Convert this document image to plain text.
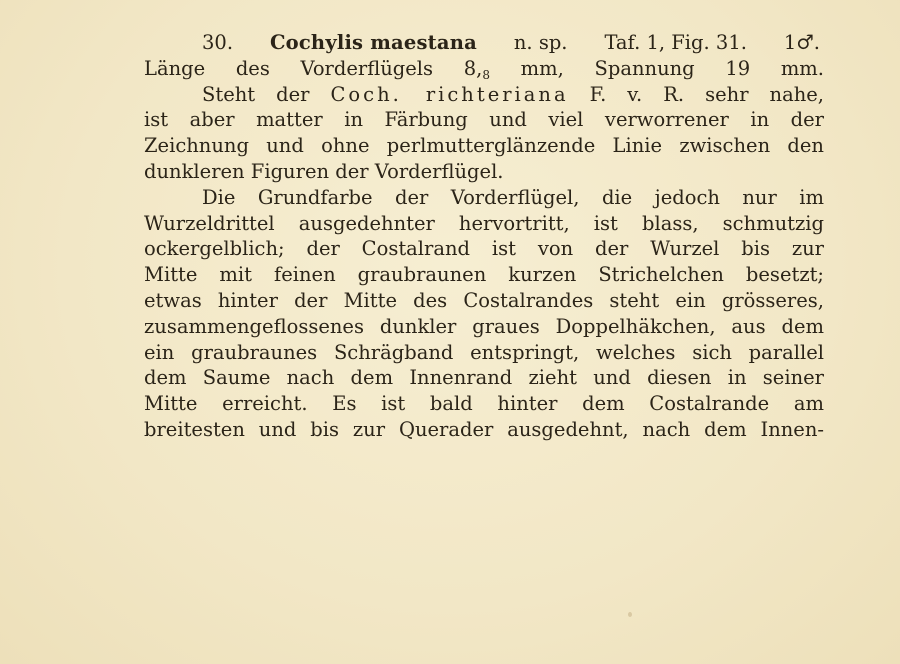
30. Cochylis maestana n. sp. Taf. 1, Fig. 31. 1♂.
Länge des Vorderflügels $8,_8$ mm, Spannung 19 mm.
Steht der Coch. richteriana F. v. R. sehr nahe,
ist aber matter in Färbung und viel verworrener in der
Zeichnung und ohne perlmutterglänzende Linie zwischen den
dunkleren Figuren der Vorderflügel.
Die Grundfarbe der Vorderflügel, die jedoch nur im
Wurzeldrittel ausgedehnter hervortritt, ist blass, schmutzig
ockergelblich; der Costalrand ist von der Wurzel bis zur
Mitte mit feinen graubraunen kurzen Strichelchen besetzt;
etwas hinter der Mitte des Costalrandes steht ein grösseres,
zusammengeflossenes dunkler graues Doppelhäkchen, aus dem
ein graubraunes Schrägband entspringt, welches sich parallel
dem Saume nach dem Innenrand zieht und diesen in seiner
Mitte erreicht. Es ist bald hinter dem Costalrande am
breitesten und bis zur Querader ausgedehnt, nach dem Innen-
